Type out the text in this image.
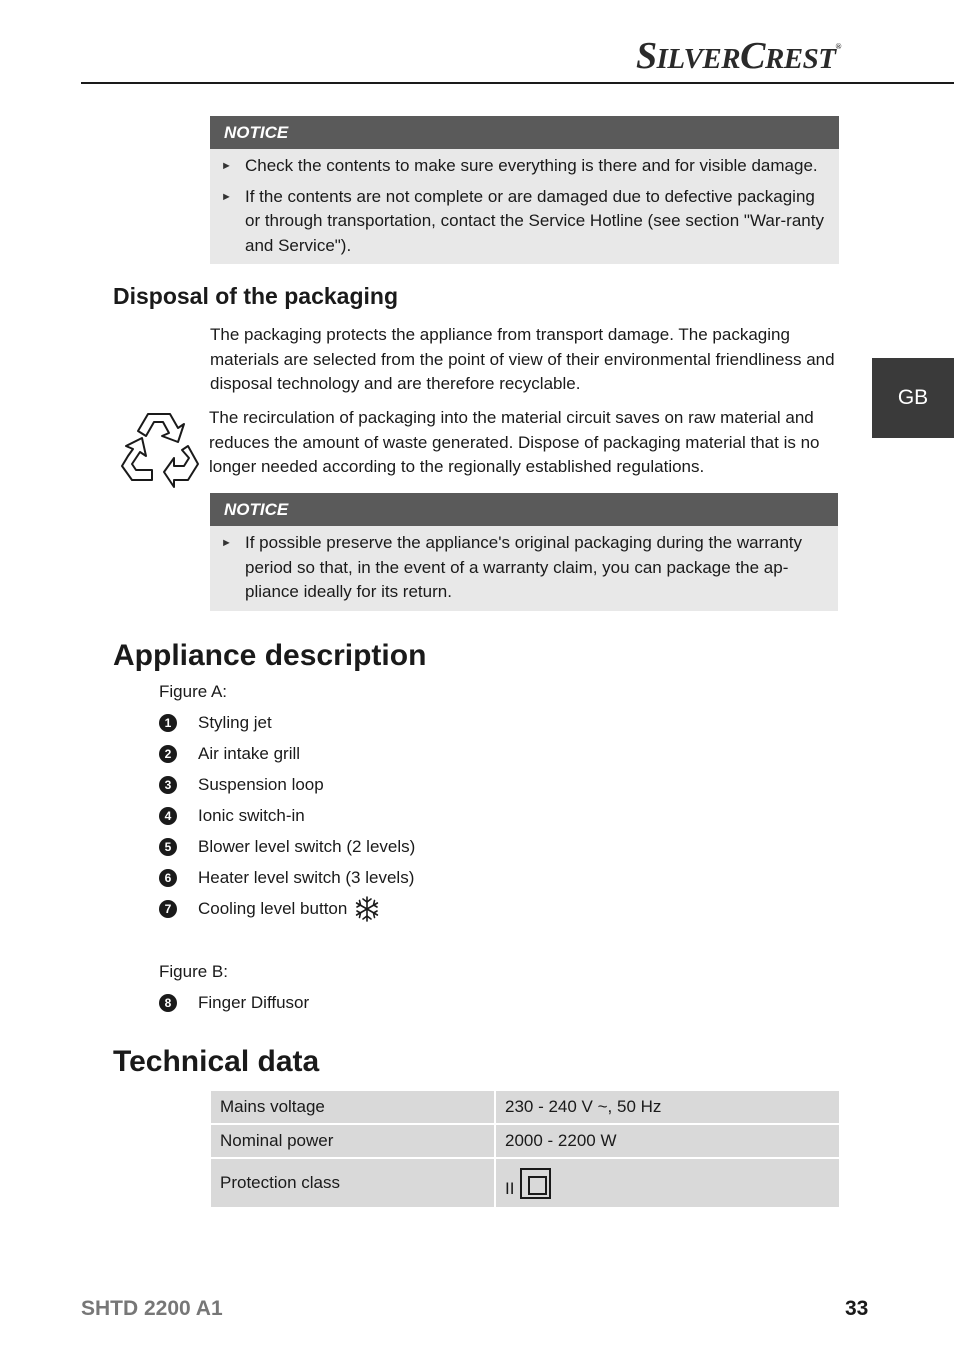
SILVERCREST®
GB
NOTICE
► Check the contents to make sure everything is there and for visible damage.
► If the contents are not complete or are damaged due to defective packaging or through transportation, contact the Service Hotline (see section "War-ranty and Service").
Disposal of the packaging
The packaging protects the appliance from transport damage. The packaging materials are selected from the point of view of their environmental friendliness and disposal technology and are therefore recyclable.
The recirculation of packaging into the material circuit saves on raw material and reduces the amount of waste generated. Dispose of packaging material that is no longer needed according to the regionally established regulations.
NOTICE
► If possible preserve the appliance's original packaging during the warranty period so that, in the event of a warranty claim, you can package the ap-pliance ideally for its return.
Appliance description
Figure A:
1	Styling jet
2	Air intake grill
3	Suspension loop
4	Ionic switch-in
5	Blower level switch (2 levels)
6	Heater level switch (3 levels)
7	Cooling level button
Figure B:
8	Finger Diffusor
Technical data
Mains voltage	230 - 240 V ~, 50 Hz
Nominal power	2000 - 2200 W
Protection class	II
SHTD 2200 A1	33
